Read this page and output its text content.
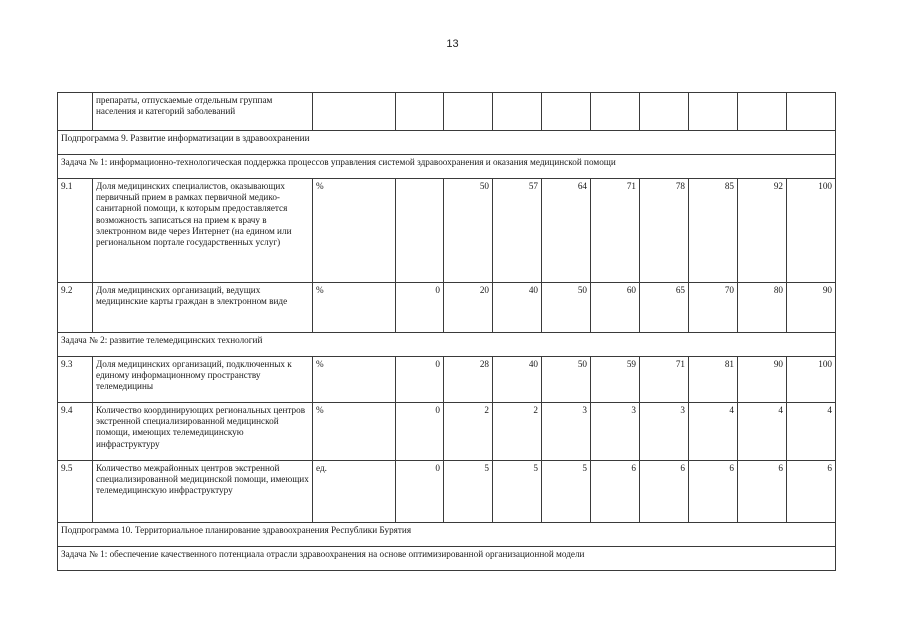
13
	препараты, отпускаемые отдельным группам населения и категорий заболеваний										
Подпрограмма 9. Развитие информатизации в здравоохранении											
Задача № 1: информационно-технологическая поддержка процессов управления системой здравоохранения и оказания медицинской помощи											
9.1	Доля медицинских специалистов, оказывающих первичный прием в рамках первичной медико-санитарной помощи, к которым предоставляется возможность записаться на прием к врачу в электронном виде через Интернет (на едином или региональном портале государственных услуг)	%		50	57	64	71	78	85	92	100
9.2	Доля медицинских организаций, ведущих медицинские карты граждан в электронном виде	%	0	20	40	50	60	65	70	80	90
Задача № 2: развитие телемедицинских технологий											
9.3	Доля медицинских организаций, подключенных к единому информационному пространству телемедицины	%	0	28	40	50	59	71	81	90	100
9.4	Количество координирующих региональных центров экстренной специализированной медицинской помощи, имеющих телемедицинскую инфраструктуру	%	0	2	2	3	3	3	4	4	4
9.5	Количество межрайонных центров экстренной специализированной медицинской помощи, имеющих телемедицинскую инфраструктуру	ед.	0	5	5	5	6	6	6	6	6
Подпрограмма 10. Территориальное планирование здравоохранения Республики Бурятия											
Задача № 1: обеспечение качественного потенциала отрасли здравоохранения на основе оптимизированной организационной модели											
